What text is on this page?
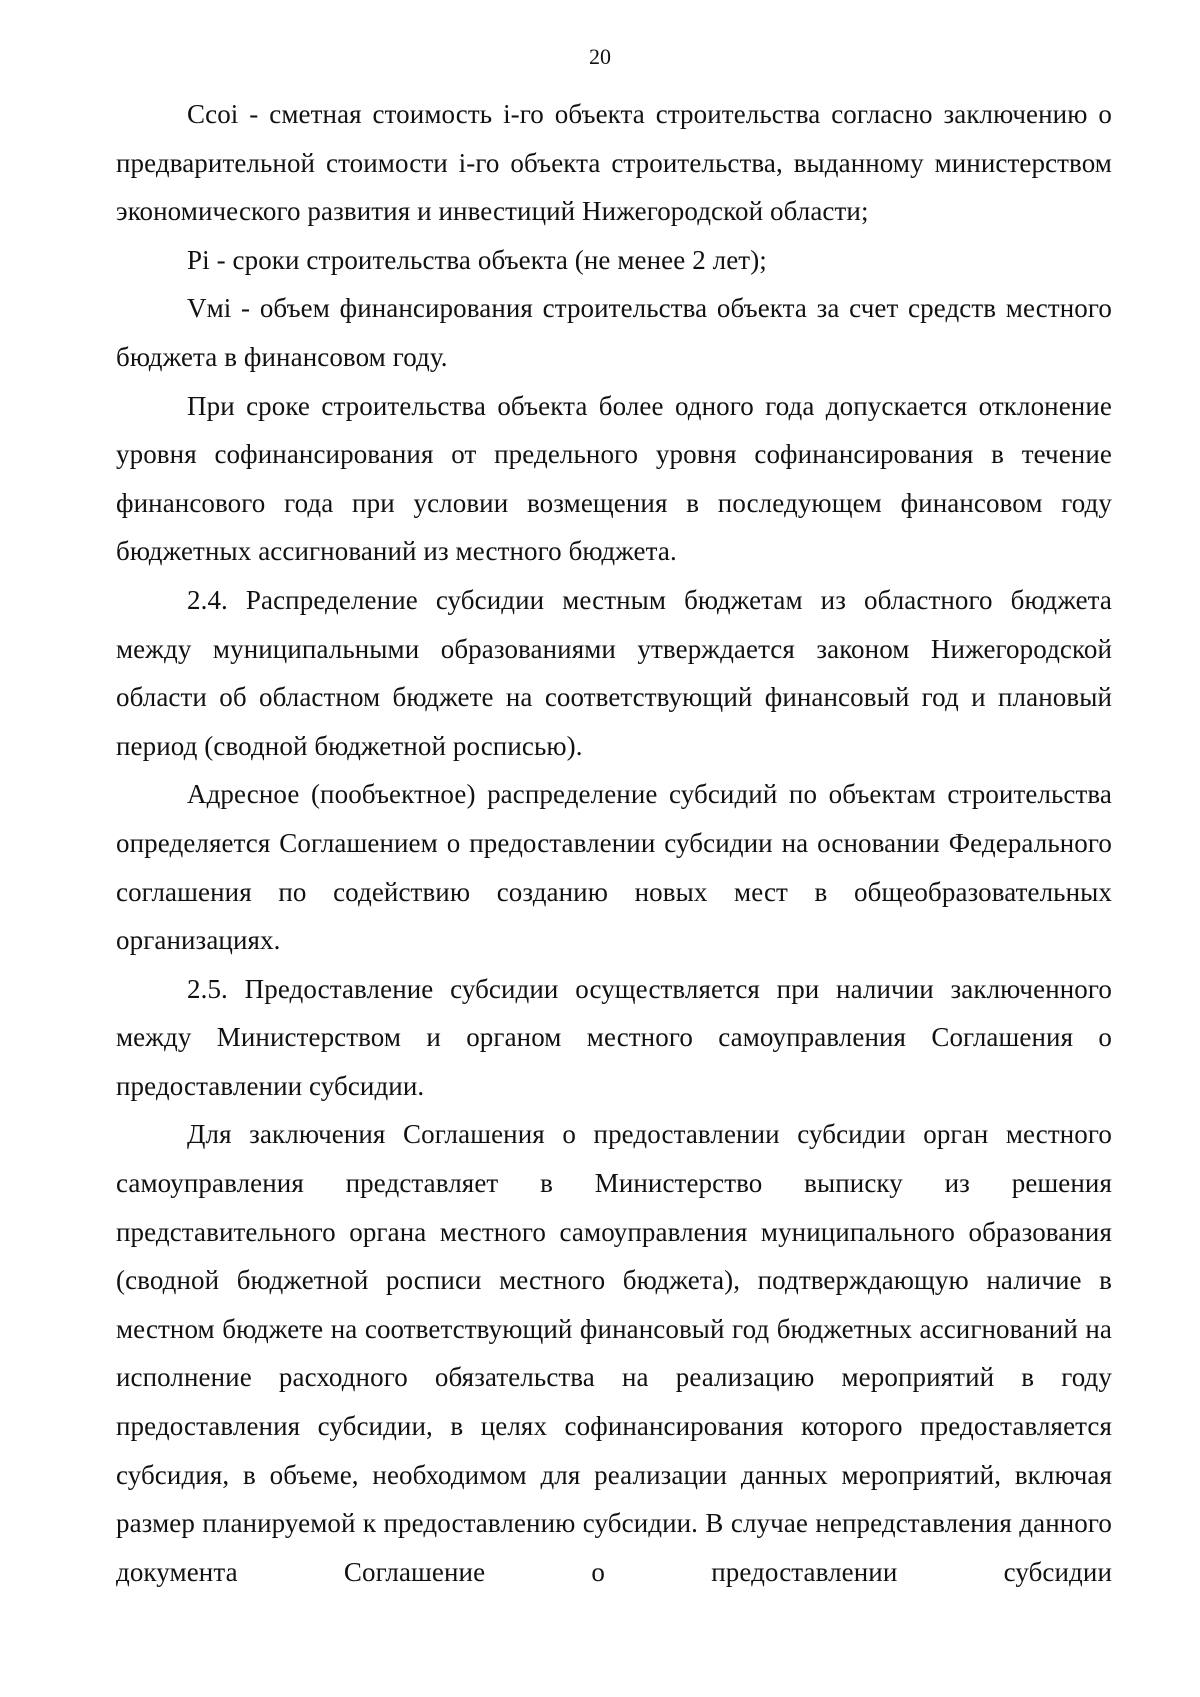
20

Ccoi - сметная стоимость i-го объекта строительства согласно заключению о предварительной стоимости i-го объекта строительства, выданному министерством экономического развития и инвестиций Нижегородской области;

Pi - сроки строительства объекта (не менее 2 лет);

Vмi - объем финансирования строительства объекта за счет средств местного бюджета в финансовом году.

При сроке строительства объекта более одного года допускается отклонение уровня софинансирования от предельного уровня софинансирования в течение финансового года при условии возмещения в последующем финансовом году бюджетных ассигнований из местного бюджета.

2.4. Распределение субсидии местным бюджетам из областного бюджета между муниципальными образованиями утверждается законом Нижегородской области об областном бюджете на соответствующий финансовый год и плановый период (сводной бюджетной росписью).

Адресное (пообъектное) распределение субсидий по объектам строительства определяется Соглашением о предоставлении субсидии на основании Федерального соглашения по содействию созданию новых мест в общеобразовательных организациях.

2.5. Предоставление субсидии осуществляется при наличии заключенного между Министерством и органом местного самоуправления Соглашения о предоставлении субсидии.

Для заключения Соглашения о предоставлении субсидии орган местного самоуправления представляет в Министерство выписку из решения представительного органа местного самоуправления муниципального образования (сводной бюджетной росписи местного бюджета), подтверждающую наличие в местном бюджете на соответствующий финансовый год бюджетных ассигнований на исполнение расходного обязательства на реализацию мероприятий в году предоставления субсидии, в целях софинансирования которого предоставляется субсидия, в объеме, необходимом для реализации данных мероприятий, включая размер планируемой к предоставлению субсидии. В случае непредставления данного документа Соглашение о предоставлении субсидии
